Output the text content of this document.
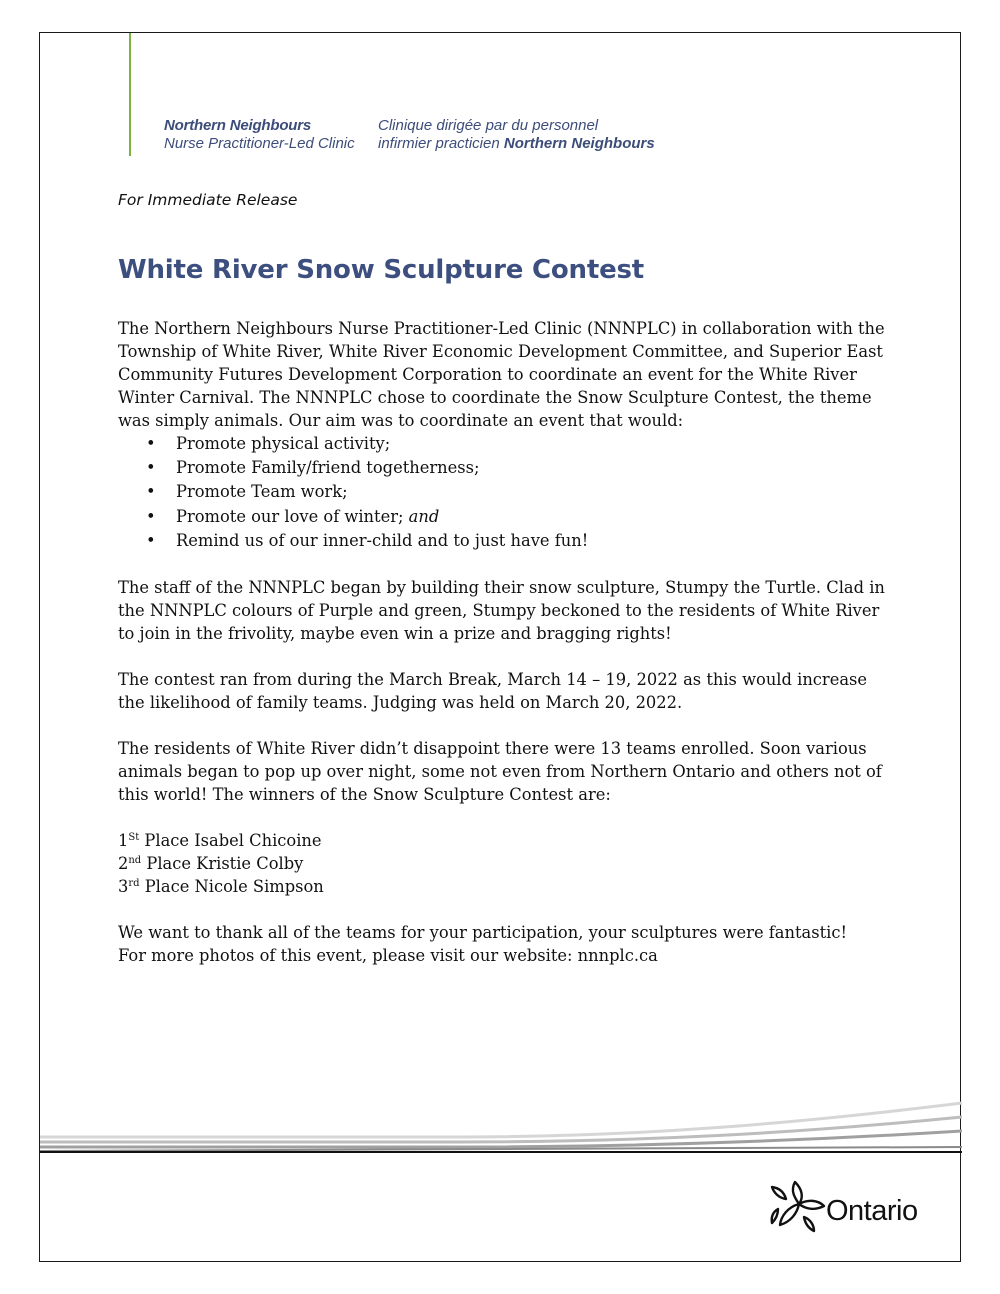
Northern Neighbours
Nurse Practitioner-Led Clinic
Clinique dirigée par du personnel
infirmier practicien Northern Neighbours
For Immediate Release
White River Snow Sculpture Contest

The Northern Neighbours Nurse Practitioner-Led Clinic (NNNPLC) in collaboration with the Township of White River, White River Economic Development Committee, and Superior East Community Futures Development Corporation to coordinate an event for the White River Winter Carnival. The NNNPLC chose to coordinate the Snow Sculpture Contest, the theme was simply animals. Our aim was to coordinate an event that would:

• Promote physical activity;
• Promote Family/friend togetherness;
• Promote Team work;
• Promote our love of winter; and
• Remind us of our inner-child and to just have fun!

The staff of the NNNPLC began by building their snow sculpture, Stumpy the Turtle. Clad in the NNNPLC colours of Purple and green, Stumpy beckoned to the residents of White River to join in the frivolity, maybe even win a prize and bragging rights!

The contest ran from during the March Break, March 14 – 19, 2022 as this would increase the likelihood of family teams. Judging was held on March 20, 2022.

The residents of White River didn’t disappoint there were 13 teams enrolled. Soon various animals began to pop up over night, some not even from Northern Ontario and others not of this world! The winners of the Snow Sculpture Contest are:

1St Place Isabel Chicoine

2nd Place Kristie Colby

3rd Place Nicole Simpson

We want to thank all of the teams for your participation, your sculptures were fantastic!

For more photos of this event, please visit our website: nnnplc.ca

Ontario
